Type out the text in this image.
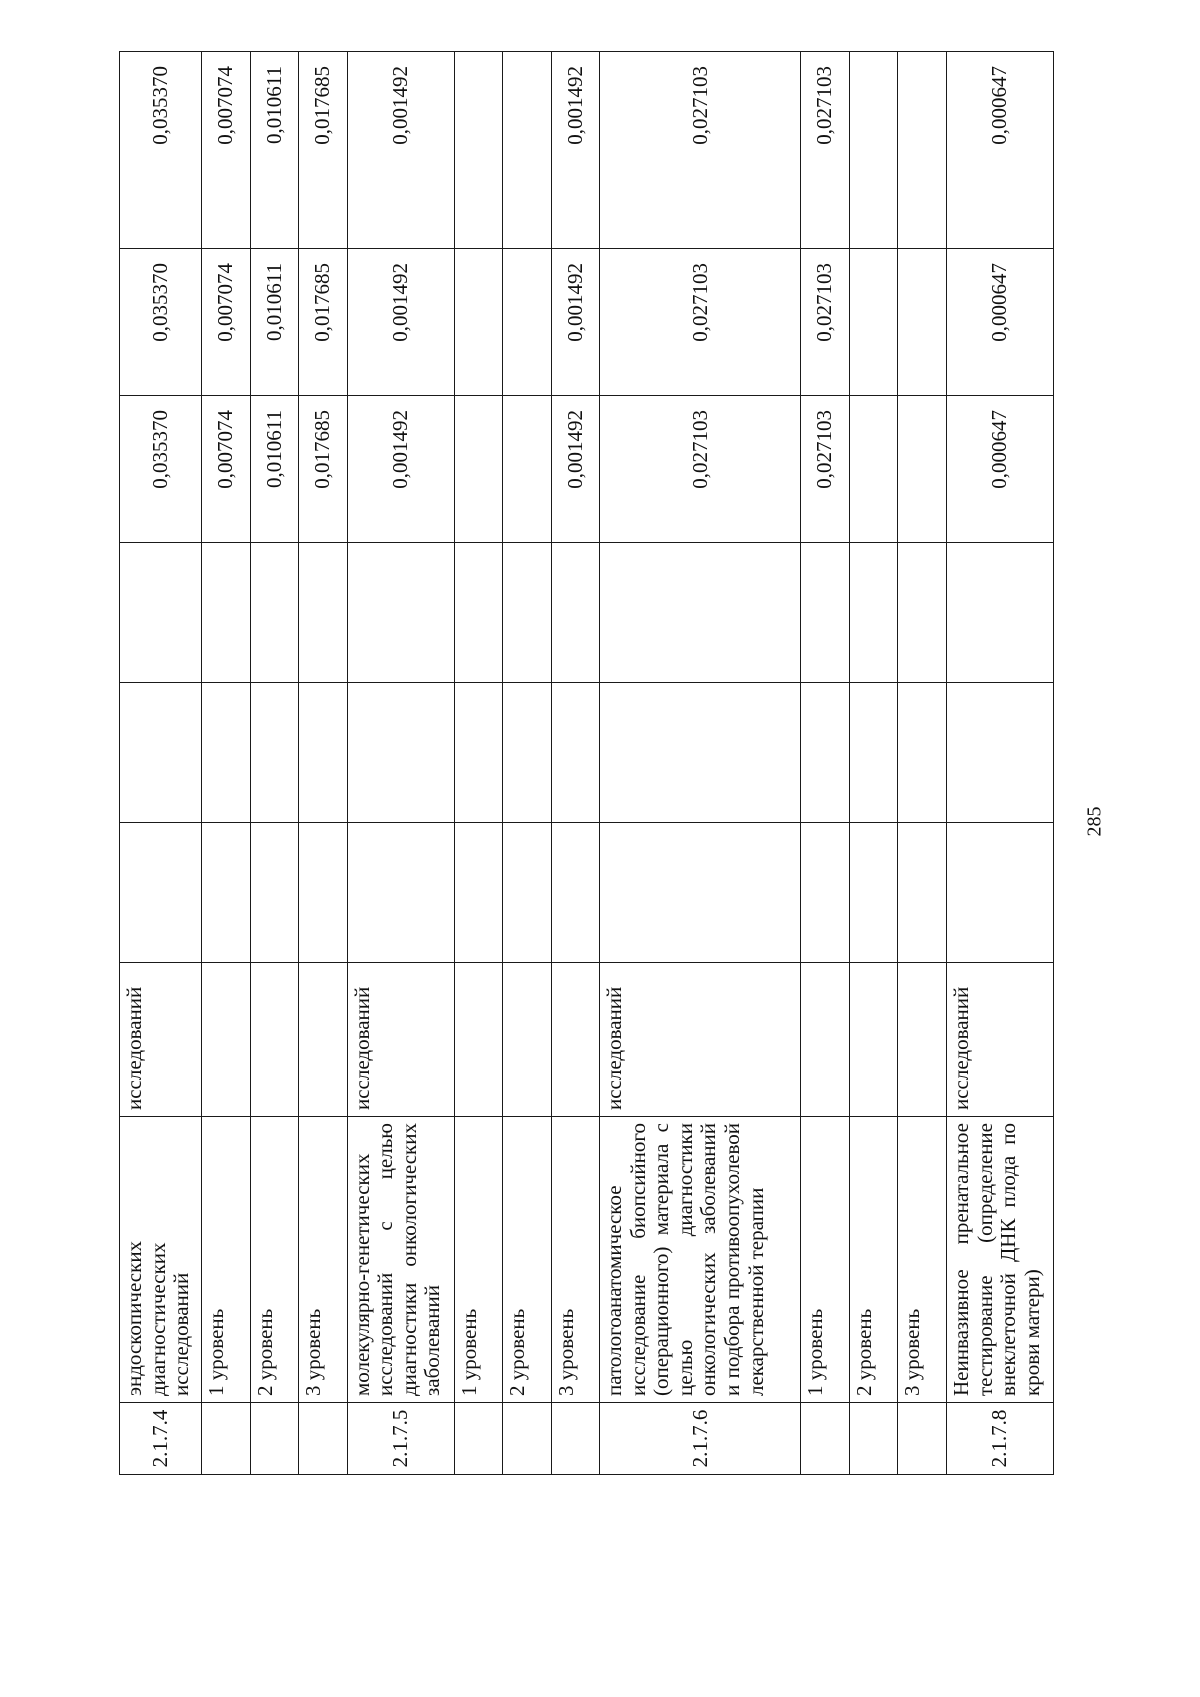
2.1.7.4	эндоскопических диагностических исследований	исследований				0,035370	0,035370	0,035370
	1 уровень					0,007074	0,007074	0,007074
	2 уровень					0,010611	0,010611	0,010611
	3 уровень					0,017685	0,017685	0,017685
2.1.7.5	молекулярно-генетических исследований с целью диагностики онкологических заболеваний	исследований				0,001492	0,001492	0,001492
	1 уровень							
	2 уровень							
	3 уровень					0,001492	0,001492	0,001492
2.1.7.6	патологоанатомическое исследование биопсийного (операционного) материала с целью диагностики онкологических заболеваний и подбора противоопухолевой лекарственной терапии	исследований				0,027103	0,027103	0,027103
	1 уровень					0,027103	0,027103	0,027103
	2 уровень							
	3 уровень							
2.1.7.8	Неинвазивное пренатальное тестирование (определение внеклеточной ДНК плода по крови матери)	исследований				0,000647	0,000647	0,000647
285
